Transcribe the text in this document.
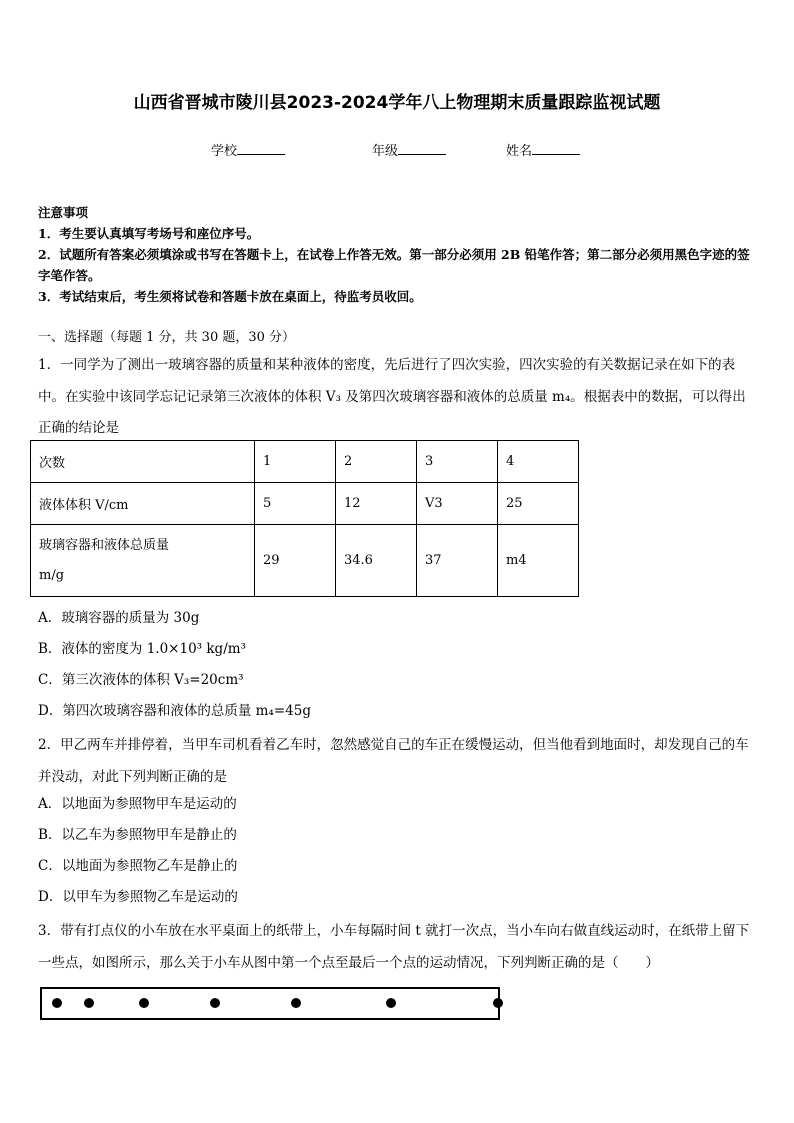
山西省晋城市陵川县2023-2024学年八上物理期末质量跟踪监视试题
学校	年级	姓名
注意事项
1．考生要认真填写考场号和座位序号。
2．试题所有答案必须填涂或书写在答题卡上，在试卷上作答无效。第一部分必须用 2B 铅笔作答；第二部分必须用黑色字迹的签字笔作答。
3．考试结束后，考生须将试卷和答题卡放在桌面上，待监考员收回。
一、选择题（每题 1 分，共 30 题，30 分）
1．一同学为了测出一玻璃容器的质量和某种液体的密度，先后进行了四次实验，四次实验的有关数据记录在如下的表中。在实验中该同学忘记记录第三次液体的体积 V₃ 及第四次玻璃容器和液体的总质量 m₄。根据表中的数据，可以得出正确的结论是
次数	1	2	3	4
液体体积 V/cm	5	12	V3	25
玻璃容器和液体总质量 m/g	29	34.6	37	m4
A．玻璃容器的质量为 30g
B．液体的密度为 1.0×10³ kg/m³
C．第三次液体的体积 V₃=20cm³
D．第四次玻璃容器和液体的总质量 m₄=45g
2．甲乙两车并排停着，当甲车司机看着乙车时，忽然感觉自己的车正在缓慢运动，但当他看到地面时，却发现自己的车并没动，对此下列判断正确的是
A．以地面为参照物甲车是运动的
B．以乙车为参照物甲车是静止的
C．以地面为参照物乙车是静止的
D．以甲车为参照物乙车是运动的
3．带有打点仪的小车放在水平桌面上的纸带上，小车每隔时间 t 就打一次点，当小车向右做直线运动时，在纸带上留下一些点，如图所示，那么关于小车从图中第一个点至最后一个点的运动情况，下列判断正确的是（　　）
